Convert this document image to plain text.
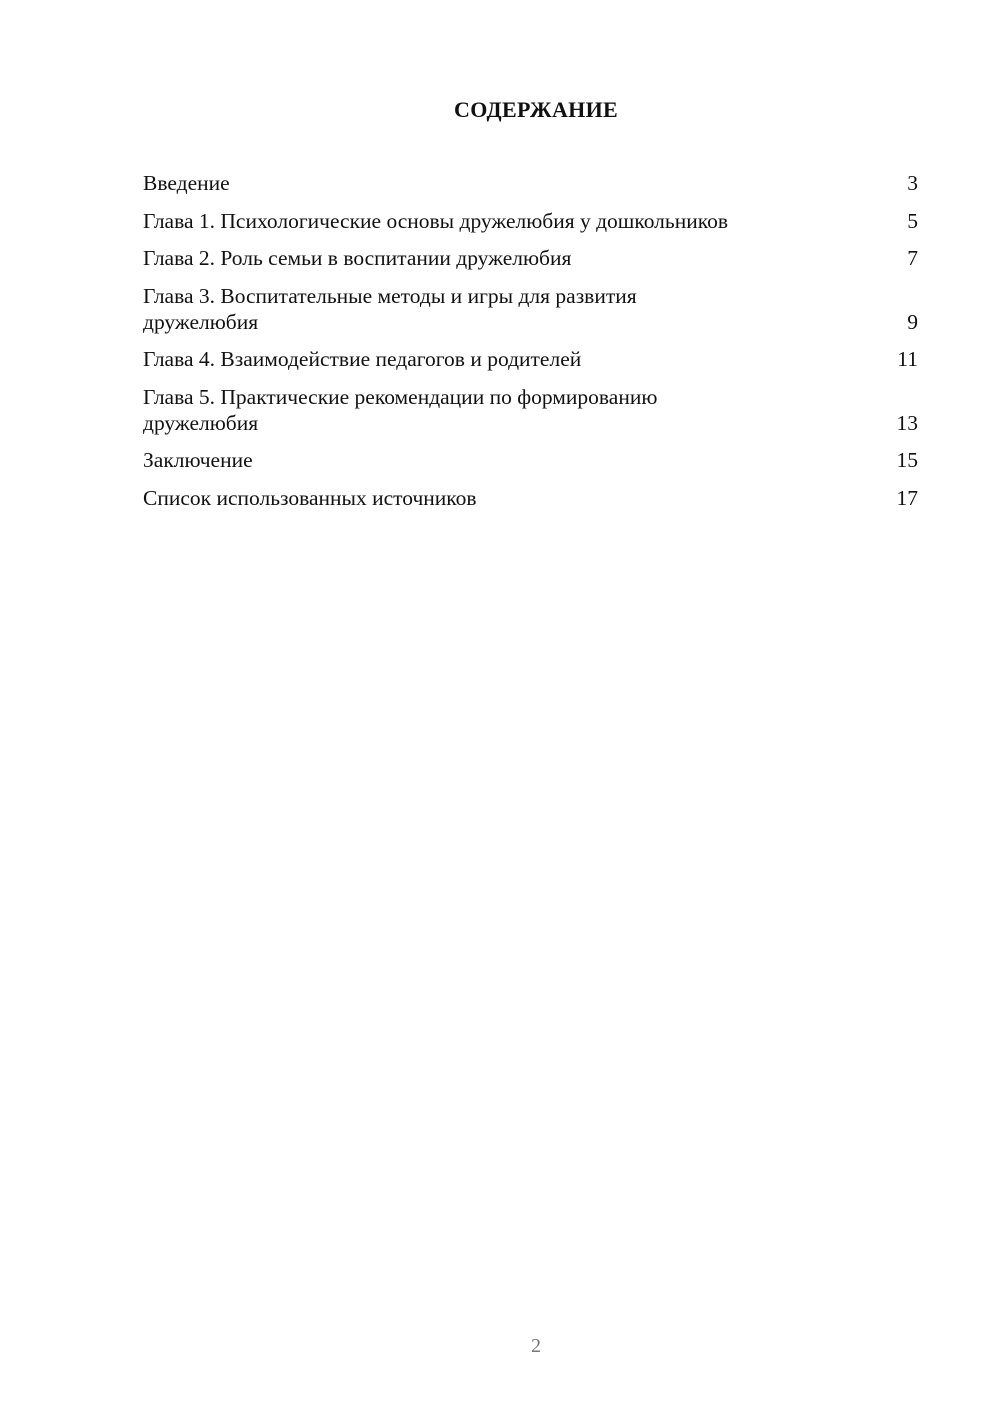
СОДЕРЖАНИЕ
Введение	3
Глава 1. Психологические основы дружелюбия у дошкольников	5
Глава 2. Роль семьи в воспитании дружелюбия	7
Глава 3. Воспитательные методы и игры для развития дружелюбия	9
Глава 4. Взаимодействие педагогов и родителей	11
Глава 5. Практические рекомендации по формированию дружелюбия	13
Заключение	15
Список использованных источников	17
2
